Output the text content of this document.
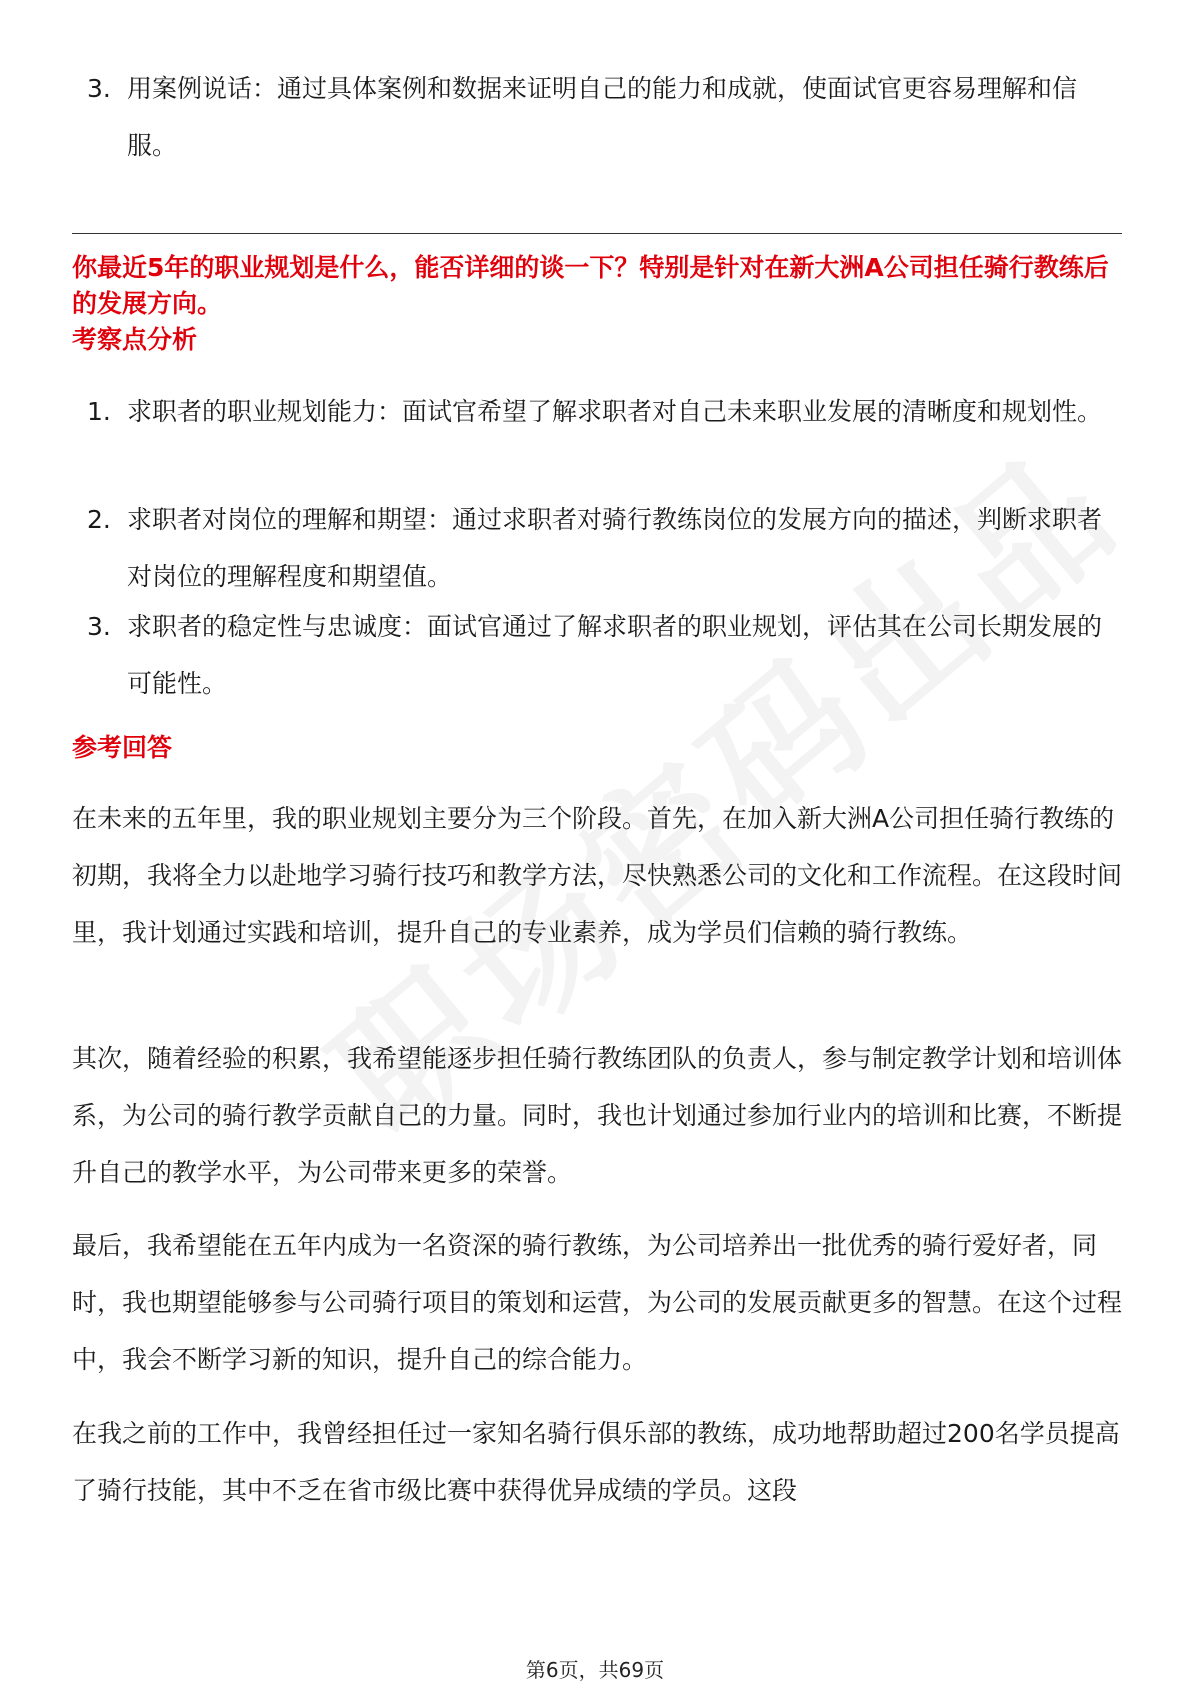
3. 用案例说话：通过具体案例和数据来证明自己的能力和成就，使面试官更容易理解和信服。
你最近5年的职业规划是什么，能否详细的谈一下？特别是针对在新大洲A公司担任骑行教练后的发展方向。
考察点分析
1. 求职者的职业规划能力：面试官希望了解求职者对自己未来职业发展的清晰度和规划性。
2. 求职者对岗位的理解和期望：通过求职者对骑行教练岗位的发展方向的描述，判断求职者对岗位的理解程度和期望值。
3. 求职者的稳定性与忠诚度：面试官通过了解求职者的职业规划，评估其在公司长期发展的可能性。
参考回答
在未来的五年里，我的职业规划主要分为三个阶段。首先，在加入新大洲A公司担任骑行教练的初期，我将全力以赴地学习骑行技巧和教学方法，尽快熟悉公司的文化和工作流程。在这段时间里，我计划通过实践和培训，提升自己的专业素养，成为学员们信赖的骑行教练。
其次，随着经验的积累，我希望能逐步担任骑行教练团队的负责人，参与制定教学计划和培训体系，为公司的骑行教学贡献自己的力量。同时，我也计划通过参加行业内的培训和比赛，不断提升自己的教学水平，为公司带来更多的荣誉。
最后，我希望能在五年内成为一名资深的骑行教练，为公司培养出一批优秀的骑行爱好者，同时，我也期望能够参与公司骑行项目的策划和运营，为公司的发展贡献更多的智慧。在这个过程中，我会不断学习新的知识，提升自己的综合能力。
在我之前的工作中，我曾经担任过一家知名骑行俱乐部的教练，成功地帮助超过200名学员提高了骑行技能，其中不乏在省市级比赛中获得优异成绩的学员。这段
第6页，共69页
